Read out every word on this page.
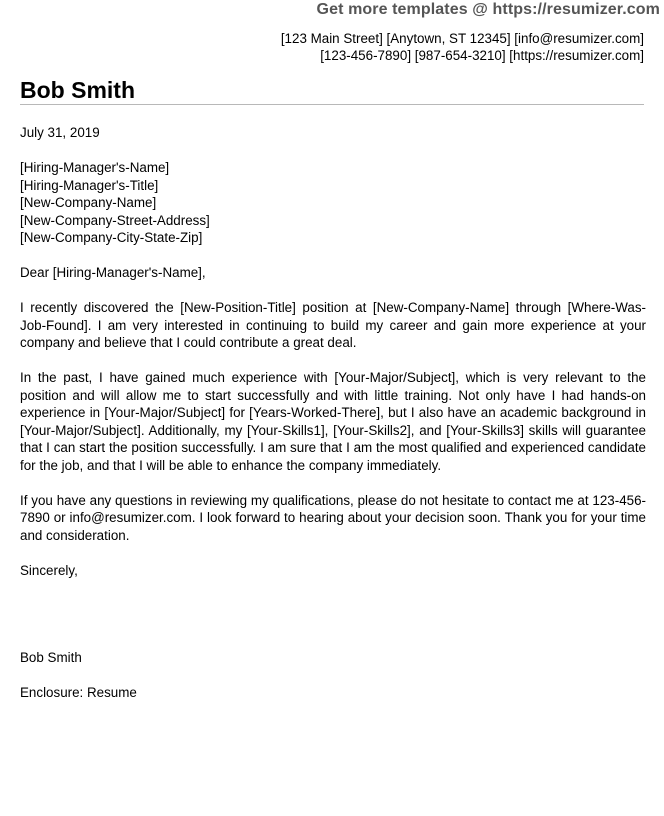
Get more templates @ https://resumizer.com
[123 Main Street] [Anytown, ST 12345] [info@resumizer.com]
[123-456-7890] [987-654-3210] [https://resumizer.com]
Bob Smith

July 31, 2019

[Hiring-Manager's-Name]
[Hiring-Manager's-Title]
[New-Company-Name]
[New-Company-Street-Address]
[New-Company-City-State-Zip]

Dear [Hiring-Manager's-Name],

I recently discovered the [New-Position-Title] position at [New-Company-Name] through [Where-Was-Job-Found]. I am very interested in continuing to build my career and gain more experience at your company and believe that I could contribute a great deal.

In the past, I have gained much experience with [Your-Major/Subject], which is very relevant to the position and will allow me to start successfully and with little training. Not only have I had hands-on experience in [Your-Major/Subject] for [Years-Worked-There], but I also have an academic background in [Your-Major/Subject]. Additionally, my [Your-Skills1], [Your-Skills2], and [Your-Skills3] skills will guarantee that I can start the position successfully. I am sure that I am the most qualified and experienced candidate for the job, and that I will be able to enhance the company immediately.

If you have any questions in reviewing my qualifications, please do not hesitate to contact me at 123-456-7890 or info@resumizer.com. I look forward to hearing about your decision soon. Thank you for your time and consideration.

Sincerely,

Bob Smith

Enclosure: Resume
